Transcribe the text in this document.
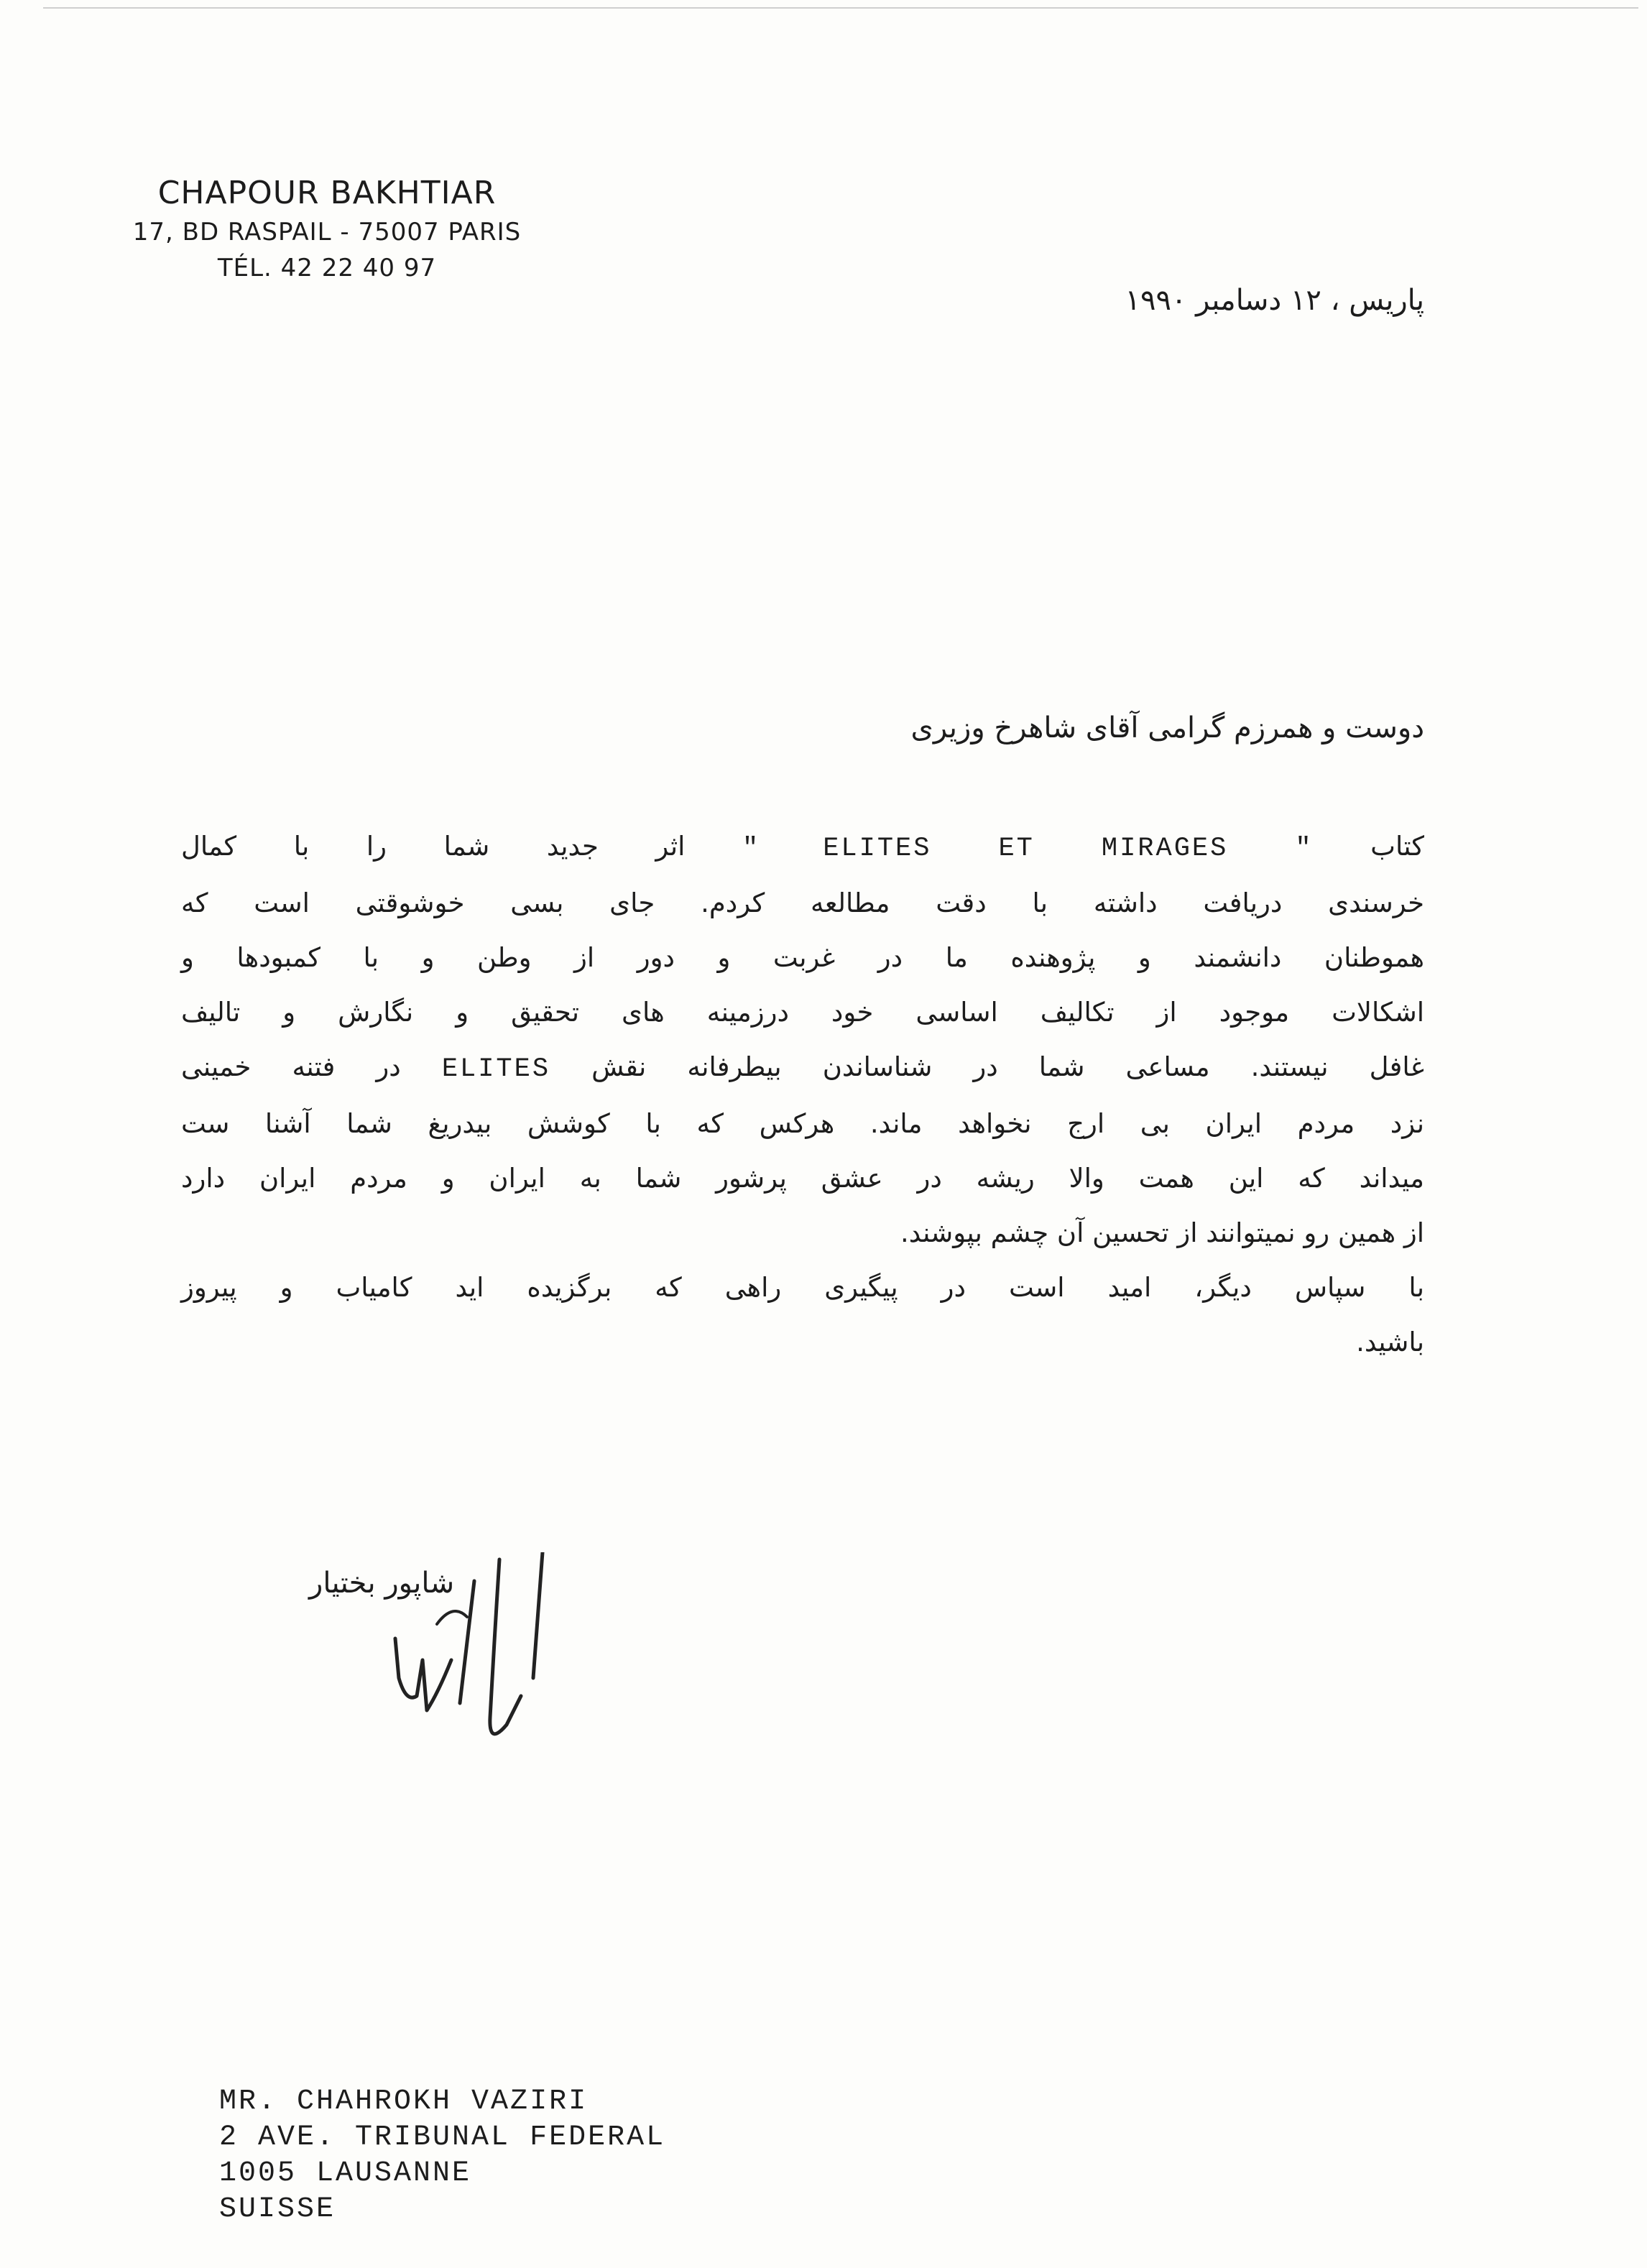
CHAPOUR BAKHTIAR
17, BD RASPAIL - 75007 PARIS
TÉL. 42 22 40 97
پاریس ، ۱۲ دسامبر ۱۹۹۰
دوست و همرزم گرامی آقای شاهرخ وزیری
کتاب " ELITES ET MIRAGES " اثر جدید شما را با کمال
خرسندی دریافت داشته با دقت مطالعه کردم. جای بسی خوشوقتی است که
هموطنان دانشمند و پژوهنده ما در غربت و دور از وطن و با کمبودها و
اشکالات موجود از تکالیف اساسی خود درزمینه های تحقیق و نگارش و تالیف
غافل نیستند. مساعی شما در شناساندن بیطرفانه نقش ELITES در فتنه خمینی
نزد مردم ایران بی ارج نخواهد ماند. هرکس که با کوشش بیدریغ شما آشنا ست
میداند که این همت والا ریشه در عشق پرشور شما به ایران و مردم ایران دارد
از همین رو نمیتوانند از تحسین آن چشم بپوشند.
با سپاس دیگر، امید است در پیگیری راهی که برگزیده اید کامیاب و پیروز
باشید.
شاپور بختیار
MR. CHAHROKH VAZIRI
2 AVE. TRIBUNAL FEDERAL
1005 LAUSANNE
SUISSE
